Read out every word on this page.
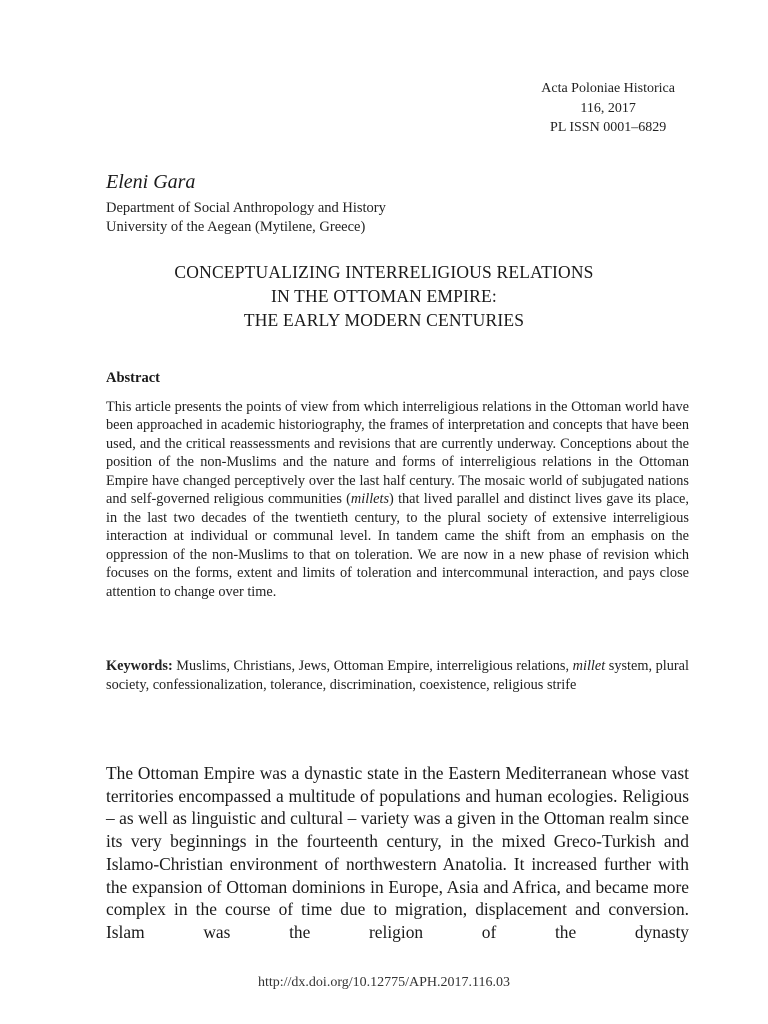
Acta Poloniae Historica
116, 2017
PL ISSN 0001–6829
Eleni Gara
Department of Social Anthropology and History
University of the Aegean (Mytilene, Greece)
CONCEPTUALIZING INTERRELIGIOUS RELATIONS
IN THE OTTOMAN EMPIRE:
THE EARLY MODERN CENTURIES
Abstract

This article presents the points of view from which interreligious relations in the Ottoman world have been approached in academic historiography, the frames of interpretation and concepts that have been used, and the critical reassessments and revisions that are currently underway. Conceptions about the position of the non-Muslims and the nature and forms of interreligious relations in the Ottoman Empire have changed perceptively over the last half century. The mosaic world of subjugated nations and self-governed religious communities (millets) that lived parallel and distinct lives gave its place, in the last two decades of the twentieth century, to the plural society of extensive interreligious interaction at individual or communal level. In tandem came the shift from an emphasis on the oppression of the non-Muslims to that on toleration. We are now in a new phase of revision which focuses on the forms, extent and limits of toleration and intercommunal interaction, and pays close attention to change over time.

Keywords: Muslims, Christians, Jews, Ottoman Empire, interreligious relations, millet system, plural society, confessionalization, tolerance, discrimination, coexistence, religious strife

The Ottoman Empire was a dynastic state in the Eastern Mediterranean whose vast territories encompassed a multitude of populations and human ecologies. Religious – as well as linguistic and cultural – variety was a given in the Ottoman realm since its very beginnings in the fourteenth century, in the mixed Greco-Turkish and Islamo-Christian environment of northwestern Anatolia. It increased further with the expansion of Ottoman dominions in Europe, Asia and Africa, and became more complex in the course of time due to migration, displacement and conversion. Islam was the religion of the dynasty

http://dx.doi.org/10.12775/APH.2017.116.03
